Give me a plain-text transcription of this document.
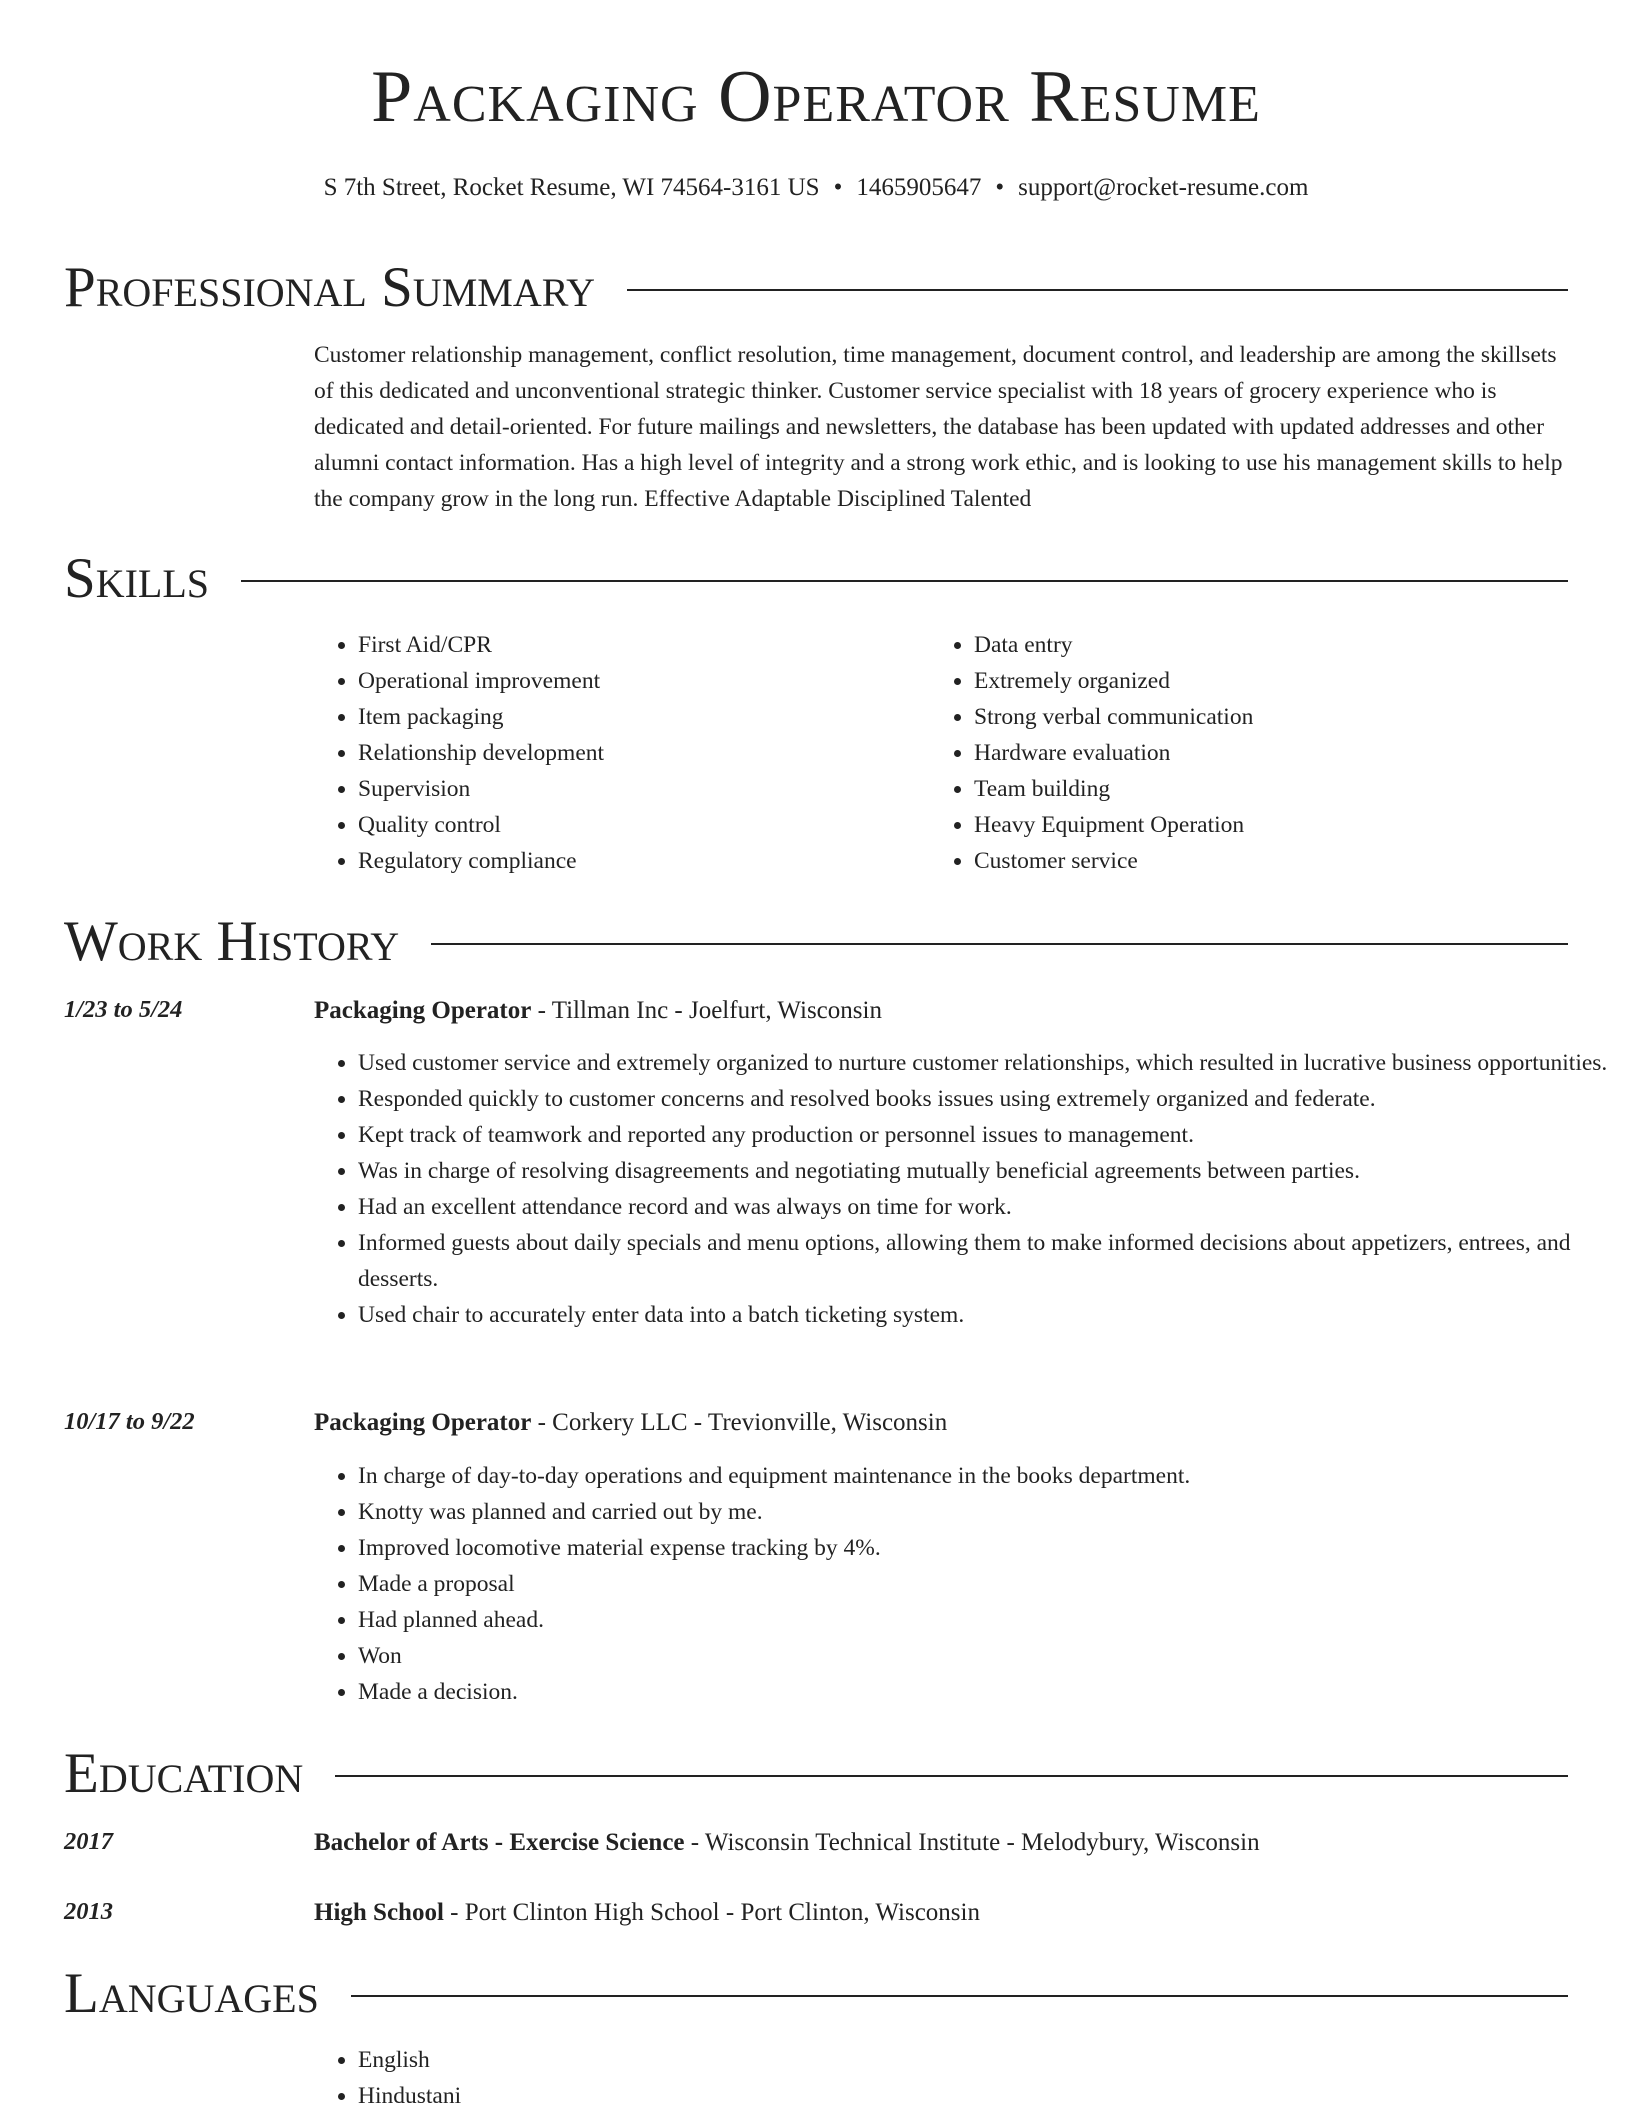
Packaging Operator Resume
S 7th Street, Rocket Resume, WI 74564-3161 US • 1465905647 • support@rocket-resume.com
Professional Summary
Customer relationship management, conflict resolution, time management, document control, and leadership are among the skillsets of this dedicated and unconventional strategic thinker. Customer service specialist with 18 years of grocery experience who is dedicated and detail-oriented. For future mailings and newsletters, the database has been updated with updated addresses and other alumni contact information. Has a high level of integrity and a strong work ethic, and is looking to use his management skills to help the company grow in the long run. Effective Adaptable Disciplined Talented
Skills
• First Aid/CPR
• Operational improvement
• Item packaging
• Relationship development
• Supervision
• Quality control
• Regulatory compliance
• Data entry
• Extremely organized
• Strong verbal communication
• Hardware evaluation
• Team building
• Heavy Equipment Operation
• Customer service
Work History
1/23 to 5/24	Packaging Operator - Tillman Inc - Joelfurt, Wisconsin
• Used customer service and extremely organized to nurture customer relationships, which resulted in lucrative business opportunities.
• Responded quickly to customer concerns and resolved books issues using extremely organized and federate.
• Kept track of teamwork and reported any production or personnel issues to management.
• Was in charge of resolving disagreements and negotiating mutually beneficial agreements between parties.
• Had an excellent attendance record and was always on time for work.
• Informed guests about daily specials and menu options, allowing them to make informed decisions about appetizers, entrees, and desserts.
• Used chair to accurately enter data into a batch ticketing system.
10/17 to 9/22	Packaging Operator - Corkery LLC - Trevionville, Wisconsin
• In charge of day-to-day operations and equipment maintenance in the books department.
• Knotty was planned and carried out by me.
• Improved locomotive material expense tracking by 4%.
• Made a proposal
• Had planned ahead.
• Won
• Made a decision.
Education
2017	Bachelor of Arts - Exercise Science - Wisconsin Technical Institute - Melodybury, Wisconsin
2013	High School - Port Clinton High School - Port Clinton, Wisconsin
Languages
• English
• Hindustani
